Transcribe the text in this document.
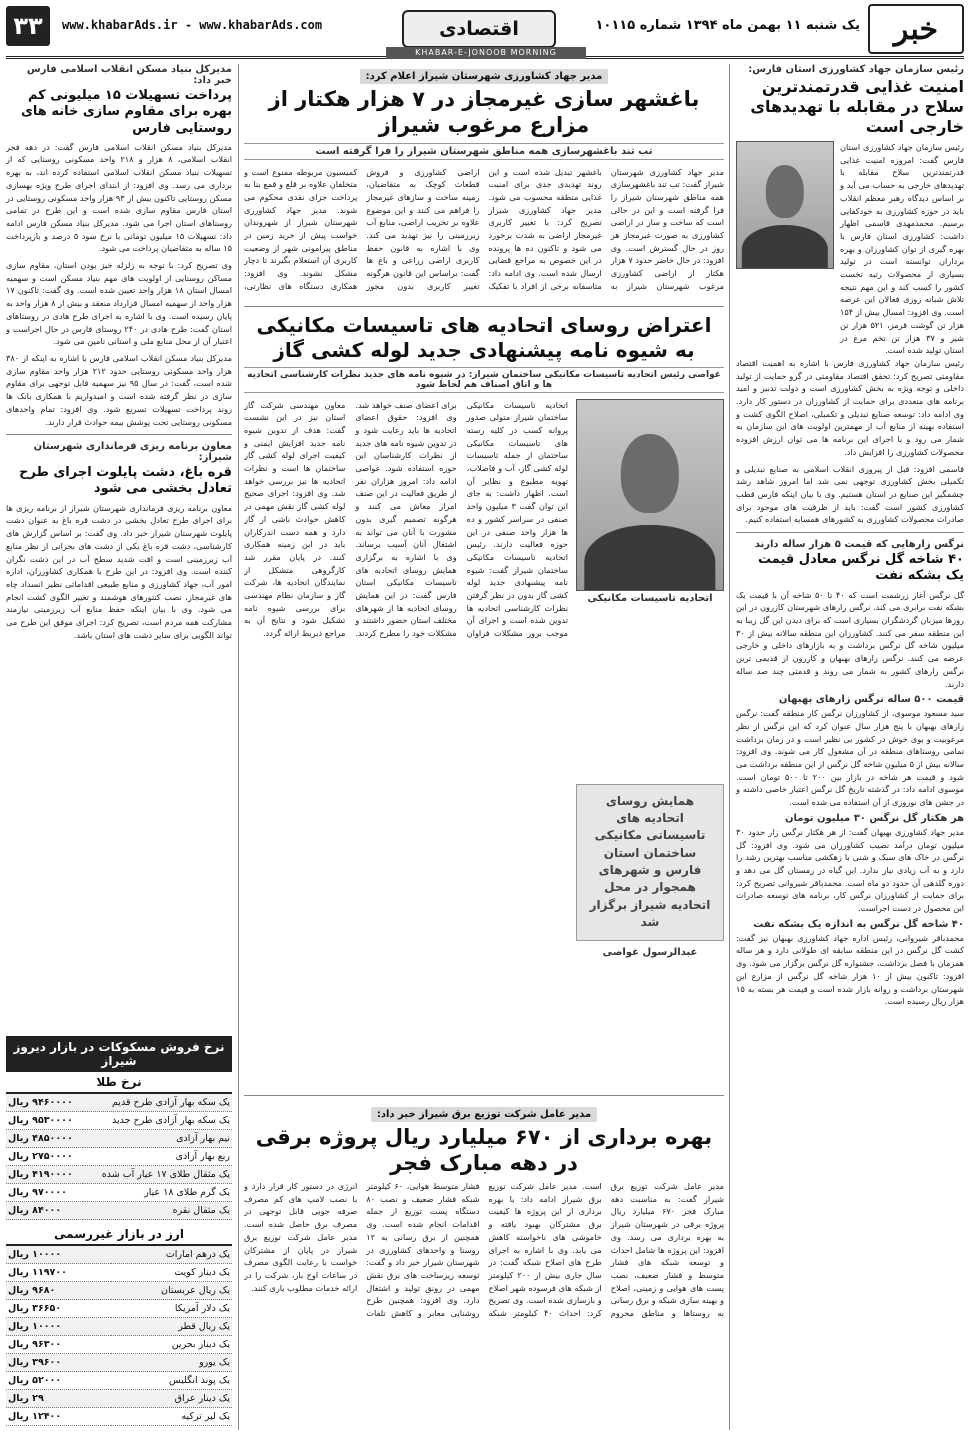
خبر
یک شنبه ۱۱ بهمن ماه ۱۳۹۴ شماره ۱۰۱۱۵
اقتصادی
www.khabarAds.ir - www.khabarAds.com
۳۳
KHABAR-E-JONOOB MORNING NEWSPAPER	رئیس سازمان جهاد کشاورزی استان فارس:
امنیت غذایی قدرتمندترین سلاح در مقابله با تهدیدهای خارجی است

رئیس سازمان جهاد کشاورزی استان فارس گفت: امروزه امنیت غذایی قدرتمندترین سلاح مقابله با تهدیدهای خارجی به حساب می آید و بر اساس دیدگاه رهبر معظم انقلاب باید در حوزه کشاورزی به خودکفایی برسیم. محمدمهدی قاسمی اظهار داشت: کشاورزی استان فارس با بهره گیری از توان کشاورزان و بهره برداران توانسته است در تولید بسیاری از محصولات رتبه نخست کشور را کسب کند و این مهم نتیجه تلاش شبانه روزی فعالان این عرصه است. وی افزود: امسال بیش از ۱۵۴ هزار تن گوشت قرمز، ۵۲۱ هزار تن شیر و ۳۷ هزار تن تخم مرغ در استان تولید شده است.

رئیس سازمان جهاد کشاورزی فارس با اشاره به اهمیت اقتصاد مقاومتی تصریح کرد: تحقق اقتصاد مقاومتی در گرو حمایت از تولید داخلی و توجه ویژه به بخش کشاورزی است و دولت تدبیر و امید برنامه های متعددی برای حمایت از کشاورزان در دستور کار دارد. وی ادامه داد: توسعه صنایع تبدیلی و تکمیلی، اصلاح الگوی کشت و استفاده بهینه از منابع آب از مهمترین اولویت های این سازمان به شمار می رود و با اجرای این برنامه ها می توان ارزش افزوده محصولات کشاورزی را افزایش داد.

قاسمی افزود: قبل از پیروزی انقلاب اسلامی به صنایع تبدیلی و تکمیلی بخش کشاورزی توجهی نمی شد اما امروز شاهد رشد چشمگیر این صنایع در استان هستیم. وی با بیان اینکه فارس قطب کشاورزی کشور است گفت: باید از ظرفیت های موجود برای صادرات محصولات کشاورزی به کشورهای همسایه استفاده کنیم.

نرگس زارهایی که قیمت ۵ هزار ساله دارند
۴۰ شاخه گل نرگس معادل قیمت یک بشکه نفت

گل نرگس آغاز زرشمت است که ۴۰ تا ۵۰ شاخه آن با قیمت یک بشکه نفت برابری می کند. نرگس زارهای شهرستان کازرون در این روزها میزبان گردشگران بسیاری است که برای دیدن این گل زیبا به این منطقه سفر می کنند. کشاورزان این منطقه سالانه بیش از ۳۰ میلیون شاخه گل نرگس برداشت و به بازارهای داخلی و خارجی عرضه می کنند. نرگس زارهای بهبهان و کازرون از قدیمی ترین نرگس زارهای کشور به شمار می روند و قدمتی چند صد ساله دارند.

قیمت ۵۰۰ ساله نرگس زارهای بهبهان

سید مسعود موسوی، از کشاورزان نرگس کار منطقه گفت: نرگس زارهای بهبهان با پنج هزار سال عنوان کرد که این نرگس از نظر مرغوبیت و بوی خوش در کشور بی نظیر است و در زمان برداشت تمامی روستاهای منطقه در آن مشغول کار می شوند. وی افزود: سالانه بیش از ۵ میلیون شاخه گل نرگس از این منطقه برداشت می شود و قیمت هر شاخه در بازار بین ۲۰۰ تا ۵۰۰ تومان است. موسوی ادامه داد: در گذشته تاریخ گل نرگس اعتبار خاصی داشته و در جشن های نوروزی از آن استفاده می شده است.

هر هکتار گل نرگس ۳۰ میلیون تومان

مدیر جهاد کشاورزی بهبهان گفت: از هر هکتار نرگس زار حدود ۳۰ میلیون تومان درآمد نصیب کشاورزان می شود. وی افزود: گل نرگس در خاک های سبک و شنی با زهکشی مناسب بهترین رشد را دارد و به آب زیادی نیاز ندارد. این گیاه در زمستان گل می دهد و دوره گلدهی آن حدود دو ماه است. محمدباقر شیروانی تصریح کرد: برای حمایت از کشاورزان نرگس کار، برنامه های توسعه صادرات این محصول در دست اجراست.

۴۰ شاخه گل نرگس به اندازه یک بشکه نفت

محمدباقر شیروانی، رئیس اداره جهاد کشاورزی بهبهان نیز گفت: کشت گل نرگس در این منطقه سابقه ای طولانی دارد و هر ساله همزمان با فصل برداشت، جشنواره گل نرگس برگزار می شود. وی افزود: تاکنون بیش از ۱۰ هزار شاخه گل نرگس از مزارع این شهرستان برداشت و روانه بازار شده است و قیمت هر بسته به ۱۵ هزار ریال رسیده است.

مدیر جهاد کشاورزی شهرستان شیراز اعلام کرد:
باغشهر سازی غیرمجاز در ۷ هزار هکتار از مزارع مرغوب شیراز
تب تند باغشهرسازی همه مناطق شهرستان شیراز را فرا گرفته است

مدیر جهاد کشاورزی شهرستان شیراز گفت: تب تند باغشهرسازی همه مناطق شهرستان شیراز را فرا گرفته است و این در حالی است که ساخت و ساز در اراضی کشاورزی به صورت غیرمجاز هر روز در حال گسترش است. وی افزود: در حال حاضر حدود ۷ هزار هکتار از اراضی کشاورزی مرغوب شهرستان شیراز به باغشهر تبدیل شده است و این روند تهدیدی جدی برای امنیت غذایی منطقه محسوب می شود. مدیر جهاد کشاورزی شیراز تصریح کرد: با تغییر کاربری غیرمجاز اراضی به شدت برخورد می شود و تاکنون ده ها پرونده در این خصوص به مراجع قضایی ارسال شده است. وی ادامه داد: متاسفانه برخی از افراد با تفکیک اراضی کشاورزی و فروش قطعات کوچک به متقاضیان، زمینه ساخت و سازهای غیرمجاز را فراهم می کنند و این موضوع علاوه بر تخریب اراضی، منابع آب زیرزمینی را نیز تهدید می کند. وی با اشاره به قانون حفظ کاربری اراضی زراعی و باغ ها گفت: براساس این قانون هرگونه تغییر کاربری بدون مجوز کمیسیون مربوطه ممنوع است و متخلفان علاوه بر قلع و قمع بنا به پرداخت جزای نقدی محکوم می شوند. مدیر جهاد کشاورزی شهرستان شیراز از شهروندان خواست پیش از خرید زمین در مناطق پیرامونی شهر از وضعیت کاربری آن استعلام بگیرند تا دچار مشکل نشوند. وی افزود: همکاری دستگاه های نظارتی،

اعتراض روسای اتحادیه های تاسیسات مکانیکی به شیوه نامه پیشنهادی جدید لوله کشی گاز
غواصی رئیس اتحادیه تاسیسات مکانیکی ساختمان شیراز: در شیوه نامه های جدید نظرات کارشناسی اتحادیه ها و اتاق اصناف هم لحاظ شود
اتحادیه تاسیسات مکانیکی
همایش روسای اتحادیه های تاسیساتی مکانیکی ساختمان استان فارس و شهرهای همجوار در محل اتحادیه شیراز برگزار شد
عبدالرسول غواصی

اتحادیه تاسیسات مکانیکی ساختمان شیراز متولی صدور پروانه کسب در کلیه رسته های تاسیسات مکانیکی ساختمان از جمله تاسیسات لوله کشی گاز، آب و فاضلاب، تهویه مطبوع و نظایر آن است. اظهار داشت: به جای این توان گفت ۳ میلیون واحد صنفی در سراسر کشور و ده ها هزار واحد صنفی در این حوزه فعالیت دارند. رئیس اتحادیه تاسیسات مکانیکی ساختمان شیراز گفت: شیوه نامه پیشنهادی جدید لوله کشی گاز بدون در نظر گرفتن نظرات کارشناسی اتحادیه ها تدوین شده است و اجرای آن موجب بروز مشکلات فراوان برای اعضای صنف خواهد شد. وی افزود: حقوق اعضای اتحادیه ها باید رعایت شود و در تدوین شیوه نامه های جدید از نظرات کارشناسان این حوزه استفاده شود. غواصی ادامه داد: امروز هزاران نفر از طریق فعالیت در این صنف امرار معاش می کنند و هرگونه تصمیم گیری بدون مشورت با آنان می تواند به اشتغال آنان آسیب برساند. وی با اشاره به برگزاری همایش روسای اتحادیه های تاسیسات مکانیکی استان فارس گفت: در این همایش روسای اتحادیه ها از شهرهای مختلف استان حضور داشتند و مشکلات خود را مطرح کردند. معاون مهندسی شرکت گاز استان نیز در این نشست گفت: هدف از تدوین شیوه نامه جدید افزایش ایمنی و کیفیت اجرای لوله کشی گاز ساختمان ها است و نظرات اتحادیه ها نیز بررسی خواهد شد. وی افزود: اجرای صحیح لوله کشی گاز نقش مهمی در کاهش حوادث ناشی از گاز دارد و همه دست اندرکاران باید در این زمینه همکاری کنند. در پایان مقرر شد کارگروهی متشکل از نمایندگان اتحادیه ها، شرکت گاز و سازمان نظام مهندسی برای بررسی شیوه نامه تشکیل شود و نتایج آن به مراجع ذیربط ارائه گردد.

مدیر عامل شرکت توزیع برق شیراز خبر داد:
بهره برداری از ۶۷۰ میلیارد ریال پروژه برقی در دهه مبارک فجر

مدیر عامل شرکت توزیع برق شیراز گفت: به مناسبت دهه مبارک فجر ۶۷۰ میلیارد ریال پروژه برقی در شهرستان شیراز به بهره برداری می رسد. وی افزود: این پروژه ها شامل احداث و توسعه شبکه های فشار متوسط و فشار ضعیف، نصب پست های هوایی و زمینی، اصلاح و بهینه سازی شبکه و برق رسانی به روستاها و مناطق محروم است. مدیر عامل شرکت توزیع برق شیراز ادامه داد: با بهره برداری از این پروژه ها کیفیت برق مشترکان بهبود یافته و خاموشی های ناخواسته کاهش می یابد. وی با اشاره به اجرای طرح های اصلاح شبکه گفت: در سال جاری بیش از ۲۰۰ کیلومتر از شبکه های فرسوده شهر اصلاح و بازسازی شده است. وی تصریح کرد: احداث ۴۰ کیلومتر شبکه فشار متوسط هوایی، ۶۰ کیلومتر شبکه فشار ضعیف و نصب ۸۰ دستگاه پست توزیع از جمله اقدامات انجام شده است. وی همچنین از برق رسانی به ۱۲ روستا و واحدهای کشاورزی در شهرستان شیراز خبر داد و گفت: توسعه زیرساخت های برق نقش مهمی در رونق تولید و اشتغال دارد. وی افزود: همچنین طرح روشنایی معابر و کاهش تلفات انرژی در دستور کار قرار دارد و با نصب لامپ های کم مصرف صرفه جویی قابل توجهی در مصرف برق حاصل شده است. مدیر عامل شرکت توزیع برق شیراز در پایان از مشترکان خواست با رعایت الگوی مصرف در ساعات اوج بار، شرکت را در ارائه خدمات مطلوب یاری کنند.

مدیرکل بنیاد مسکن انقلاب اسلامی فارس خبر داد:
پرداخت تسهیلات ۱۵ میلیونی کم بهره برای مقاوم سازی خانه های روستایی فارس

مدیرکل بنیاد مسکن انقلاب اسلامی فارس گفت: در دهه فجر انقلاب اسلامی، ۸ هزار و ۲۱۸ واحد مسکونی روستایی که از تسهیلات بنیاد مسکن انقلاب اسلامی استفاده کرده اند، به بهره برداری می رسد. وی افزود: از ابتدای اجرای طرح ویژه بهسازی مسکن روستایی تاکنون بیش از ۹۳ هزار واحد مسکونی روستایی در استان فارس مقاوم سازی شده است و این طرح در تمامی روستاهای استان اجرا می شود. مدیرکل بنیاد مسکن فارس ادامه داد: تسهیلات ۱۵ میلیون تومانی با نرخ سود ۵ درصد و بازپرداخت ۱۵ ساله به متقاضیان پرداخت می شود.

وی تصریح کرد: با توجه به زلزله خیز بودن استان، مقاوم سازی مساکن روستایی از اولویت های مهم بنیاد مسکن است و سهمیه امسال استان ۱۸ هزار واحد تعیین شده است. وی گفت: تاکنون ۱۷ هزار واحد از سهمیه امسال قرارداد منعقد و بیش از ۸ هزار واحد به پایان رسیده است. وی با اشاره به اجرای طرح هادی در روستاهای استان گفت: طرح هادی در ۲۴۰ روستای فارس در حال اجراست و اعتبار آن از محل منابع ملی و استانی تامین می شود.

مدیرکل بنیاد مسکن انقلاب اسلامی فارس با اشاره به اینکه از ۳۸۰ هزار واحد مسکونی روستایی حدود ۲۱۲ هزار واحد مقاوم سازی شده است، گفت: در سال ۹۵ نیز سهمیه قابل توجهی برای مقاوم سازی در نظر گرفته شده است و امیدواریم با همکاری بانک ها روند پرداخت تسهیلات تسریع شود. وی افزود: تمام واحدهای مسکونی روستایی تحت پوشش بیمه حوادث قرار دارند.

معاون برنامه ریزی فرمانداری شهرستان شیراز:
قره باغ، دشت پایلوت اجرای طرح تعادل بخشی می شود

معاون برنامه ریزی فرمانداری شهرستان شیراز از برنامه ریزی ها برای اجرای طرح تعادل بخشی در دشت قره باغ به عنوان دشت پایلوت شهرستان شیراز خبر داد. وی گفت: بر اساس گزارش های کارشناسی، دشت قره باغ یکی از دشت های بحرانی از نظر منابع آب زیرزمینی است و افت شدید سطح آب در این دشت نگران کننده است. وی افزود: در این طرح با همکاری کشاورزان، اداره امور آب، جهاد کشاورزی و منابع طبیعی اقداماتی نظیر انسداد چاه های غیرمجاز، نصب کنتورهای هوشمند و تغییر الگوی کشت انجام می شود. وی با بیان اینکه حفظ منابع آب زیرزمینی نیازمند مشارکت همه مردم است، تصریح کرد: اجرای موفق این طرح می تواند الگویی برای سایر دشت های استان باشد.

نرخ فروش مسکوکات در بازار دیروز شیراز
نرخ طلا
یک سکه بهار آزادی طرح قدیم	۹۴۶۰۰۰۰ ریال
یک سکه بهار آزادی طرح جدید	۹۵۳۰۰۰۰ ریال
نیم بهار آزادی	۴۸۵۰۰۰۰ ریال
ربع بهار آزادی	۲۷۵۰۰۰۰ ریال
یک مثقال طلای ۱۷ عیار آب شده	۴۱۹۰۰۰۰ ریال
یک گرم طلای ۱۸ عیار	۹۷۰۰۰۰ ریال
یک مثقال نقره	۸۴۰۰۰ ریال
ارز در بازار غیررسمی
یک درهم امارات	۱۰۰۰۰ ریال
یک دینار کویت	۱۱۹۷۰۰ ریال
یک ریال عربستان	۹۶۸۰ ریال
یک دلار آمریکا	۳۶۶۵۰ ریال
یک ریال قطر	۱۰۰۰۰ ریال
یک دینار بحرین	۹۶۳۰۰ ریال
یک یورو	۳۹۶۰۰ ریال
یک پوند انگلیس	۵۲۰۰۰ ریال
یک دینار عراق	۲۹ ریال
یک لیر ترکیه	۱۲۴۰۰ ریال
